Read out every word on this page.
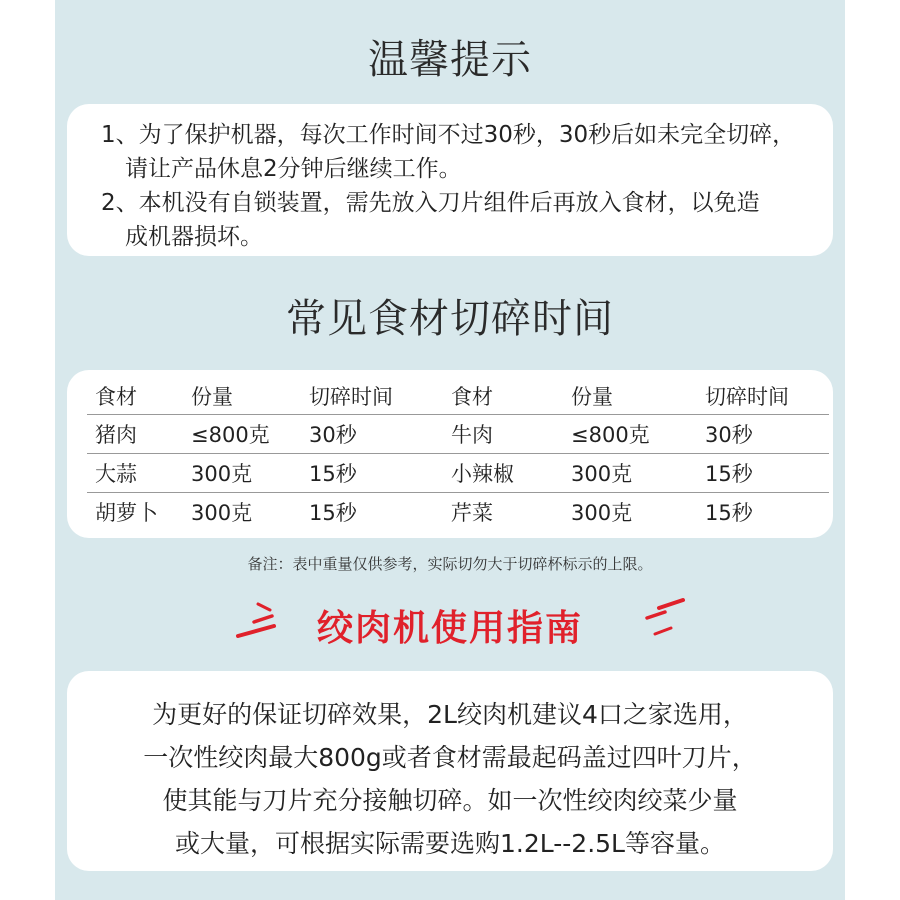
温馨提示
1、为了保护机器，每次工作时间不过30秒，30秒后如未完全切碎，
请让产品休息2分钟后继续工作。
2、本机没有自锁装置，需先放入刀片组件后再放入食材，以免造
成机器损坏。
常见食材切碎时间
食材	份量	切碎时间	食材	份量	切碎时间
猪肉	≤800克	30秒	牛肉	≤800克	30秒
大蒜	300克	15秒	小辣椒	300克	15秒
胡萝卜	300克	15秒	芹菜	300克	15秒
备注：表中重量仅供参考，实际切勿大于切碎杯标示的上限。
绞肉机使用指南
为更好的保证切碎效果，2L绞肉机建议4口之家选用，
一次性绞肉最大800g或者食材需最起码盖过四叶刀片，
使其能与刀片充分接触切碎。如一次性绞肉绞菜少量
或大量，可根据实际需要选购1.2L--2.5L等容量。
